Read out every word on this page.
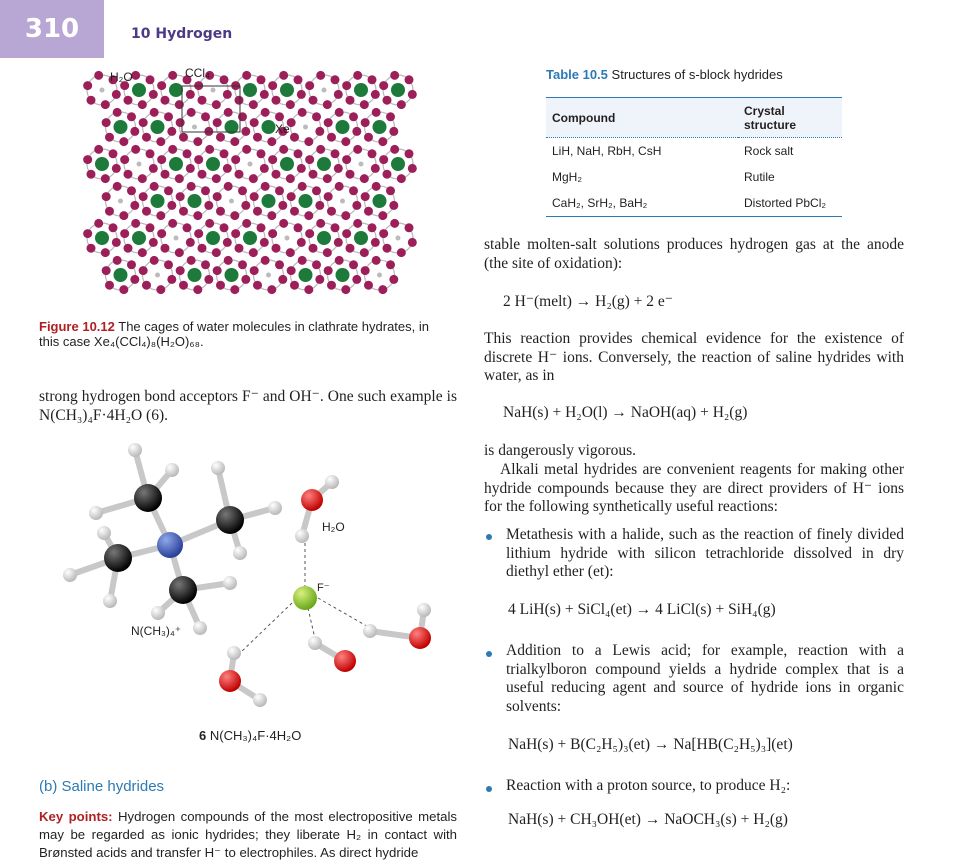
310	10 Hydrogen
H₂O	CCl₄
Xe
Figure 10.12 The cages of water molecules in clathrate hydrates, in this case Xe₄(CCl₄)₈(H₂O)₆₈.
strong hydrogen bond acceptors F⁻ and OH⁻. One such example is N(CH₃)₄F·4H₂O (6).
H₂O
F⁻
N(CH₃)₄⁺
6 N(CH₃)₄F·4H₂O
(b) Saline hydrides
Key points: Hydrogen compounds of the most electropositive metals may be regarded as ionic hydrides; they liberate H₂ in contact with Brønsted acids and transfer H⁻ to electrophiles. As direct hydride
Table 10.5 Structures of s-block hydrides
Compound	Crystal structure
LiH, NaH, RbH, CsH	Rock salt
MgH₂	Rutile
CaH₂, SrH₂, BaH₂	Distorted PbCl₂
stable molten-salt solutions produces hydrogen gas at the anode (the site of oxidation):
2 H⁻(melt) → H₂(g) + 2 e⁻
This reaction provides chemical evidence for the existence of discrete H⁻ ions. Conversely, the reaction of saline hydrides with water, as in
NaH(s) + H₂O(l) → NaOH(aq) + H₂(g)
is dangerously vigorous.
Alkali metal hydrides are convenient reagents for making other hydride compounds because they are direct providers of H⁻ ions for the following synthetically useful reactions:
Metathesis with a halide, such as the reaction of finely divided lithium hydride with silicon tetrachloride dissolved in dry diethyl ether (et):
4 LiH(s) + SiCl₄(et) → 4 LiCl(s) + SiH₄(g)
Addition to a Lewis acid; for example, reaction with a trialkylboron compound yields a hydride complex that is a useful reducing agent and source of hydride ions in organic solvents:
NaH(s) + B(C₂H₅)₃(et) → Na[HB(C₂H₅)₃](et)
Reaction with a proton source, to produce H₂:
NaH(s) + CH₃OH(et) → NaOCH₃(s) + H₂(g)
